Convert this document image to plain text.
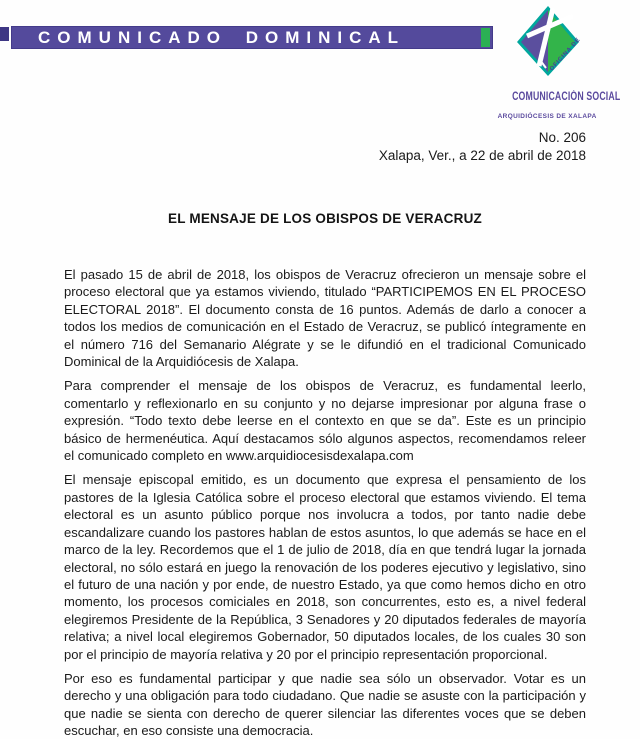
COMUNICADO DOMINICAL	OFICINA DE
COMUNICACIÓN SOCIAL
ARQUIDIÓCESIS DE XALAPA
No. 206
Xalapa, Ver., a 22 de abril de 2018
EL MENSAJE DE LOS OBISPOS DE VERACRUZ

El pasado 15 de abril de 2018, los obispos de Veracruz ofrecieron un mensaje sobre el proceso electoral que ya estamos viviendo, titulado “PARTICIPEMOS EN EL PROCESO ELECTORAL 2018”. El documento consta de 16 puntos. Además de darlo a conocer a todos los medios de comunicación en el Estado de Veracruz, se publicó íntegramente en el número 716 del Semanario Alégrate y se le difundió en el tradicional Comunicado Dominical de la Arquidiócesis de Xalapa.

Para comprender el mensaje de los obispos de Veracruz, es fundamental leerlo, comentarlo y reflexionarlo en su conjunto y no dejarse impresionar por alguna frase o expresión. “Todo texto debe leerse en el contexto en que se da”. Este es un principio básico de hermenéutica. Aquí destacamos sólo algunos aspectos, recomendamos releer el comunicado completo en www.arquidiocesisdexalapa.com

El mensaje episcopal emitido, es un documento que expresa el pensamiento de los pastores de la Iglesia Católica sobre el proceso electoral que estamos viviendo. El tema electoral es un asunto público porque nos involucra a todos, por tanto nadie debe escandalizare cuando los pastores hablan de estos asuntos, lo que además se hace en el marco de la ley. Recordemos que el 1 de julio de 2018, día en que tendrá lugar la jornada electoral, no sólo estará en juego la renovación de los poderes ejecutivo y legislativo, sino el futuro de una nación y por ende, de nuestro Estado, ya que como hemos dicho en otro momento, los procesos comiciales en 2018, son concurrentes, esto es, a nivel federal elegiremos Presidente de la República, 3 Senadores y 20 diputados federales de mayoría relativa; a nivel local elegiremos Gobernador, 50 diputados locales, de los cuales 30 son por el principio de mayoría relativa y 20 por el principio representación proporcional.

Por eso es fundamental participar y que nadie sea sólo un observador. Votar es un derecho y una obligación para todo ciudadano. Que nadie se asuste con la participación y que nadie se sienta con derecho de querer silenciar las diferentes voces que se deben escuchar, en eso consiste una democracia.
